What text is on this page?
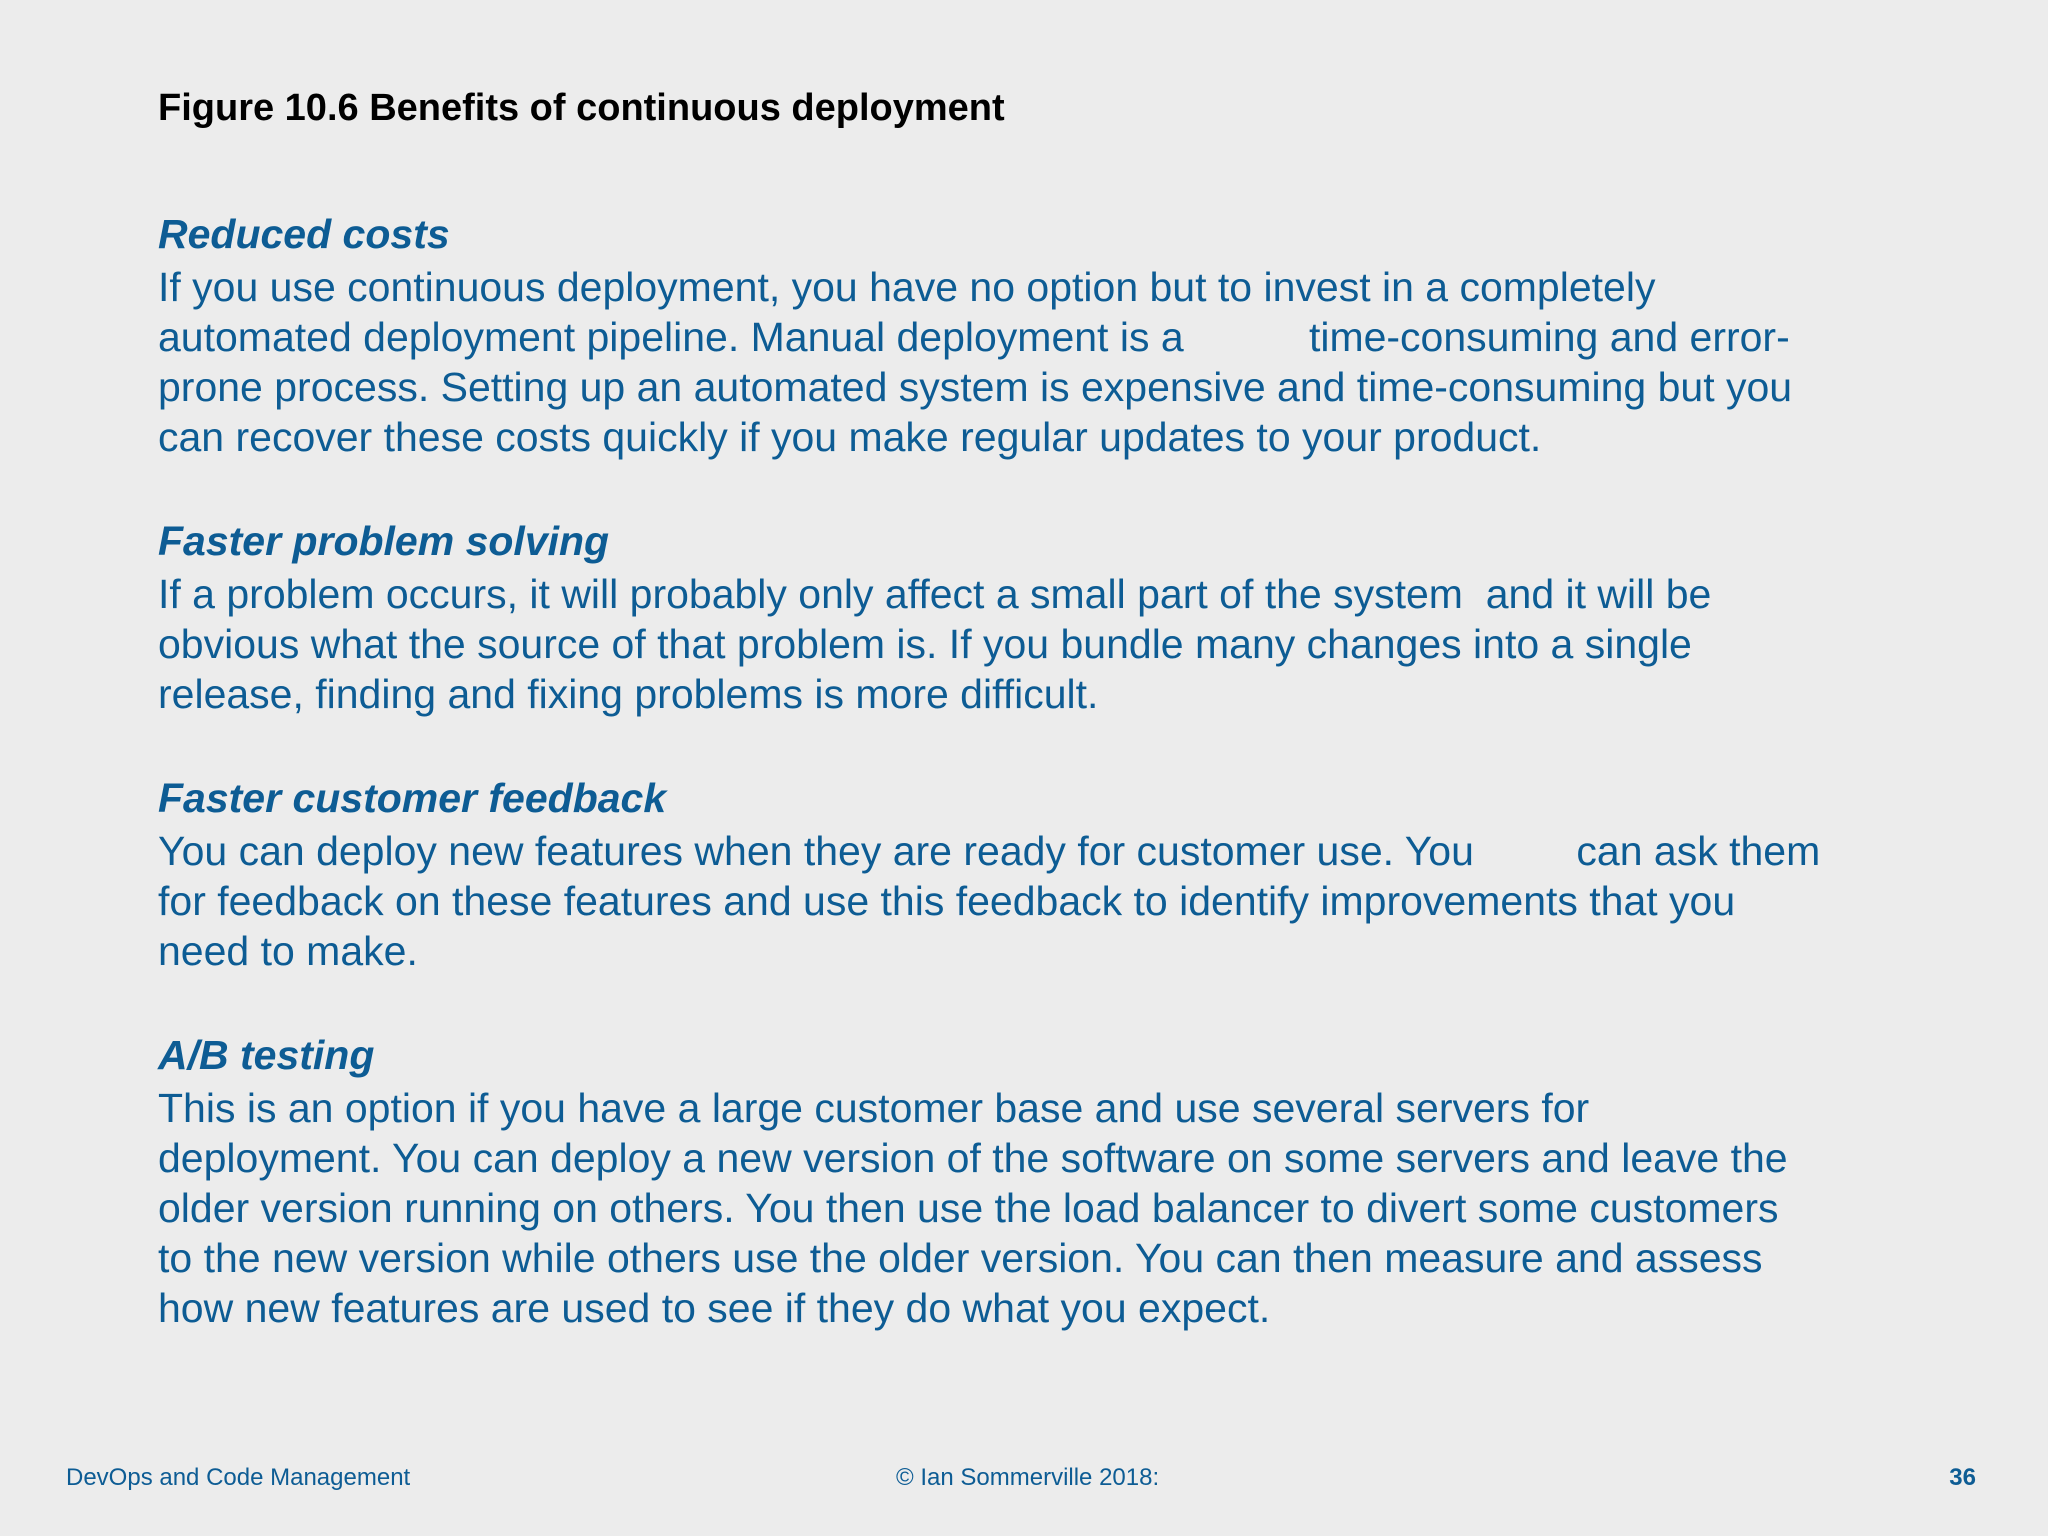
Figure 10.6 Benefits of continuous deployment

Reduced costs

If you use continuous deployment, you have no option but to invest in a completely

automated deployment pipeline. Manual deployment is a           time-consuming and error-

prone process. Setting up an automated system is expensive and time-consuming but you

can recover these costs quickly if you make regular updates to your product.

Faster problem solving

If a problem occurs, it will probably only affect a small part of the system  and it will be

obvious what the source of that problem is. If you bundle many changes into a single

release, finding and fixing problems is more difficult.

Faster customer feedback

You can deploy new features when they are ready for customer use. You         can ask them

for feedback on these features and use this feedback to identify improvements that you

need to make.

A/B testing

This is an option if you have a large customer base and use several servers for

deployment. You can deploy a new version of the software on some servers and leave the

older version running on others. You then use the load balancer to divert some customers

to the new version while others use the older version. You can then measure and assess

how new features are used to see if they do what you expect.

DevOps and Code Management	© Ian Sommerville 2018:	36
